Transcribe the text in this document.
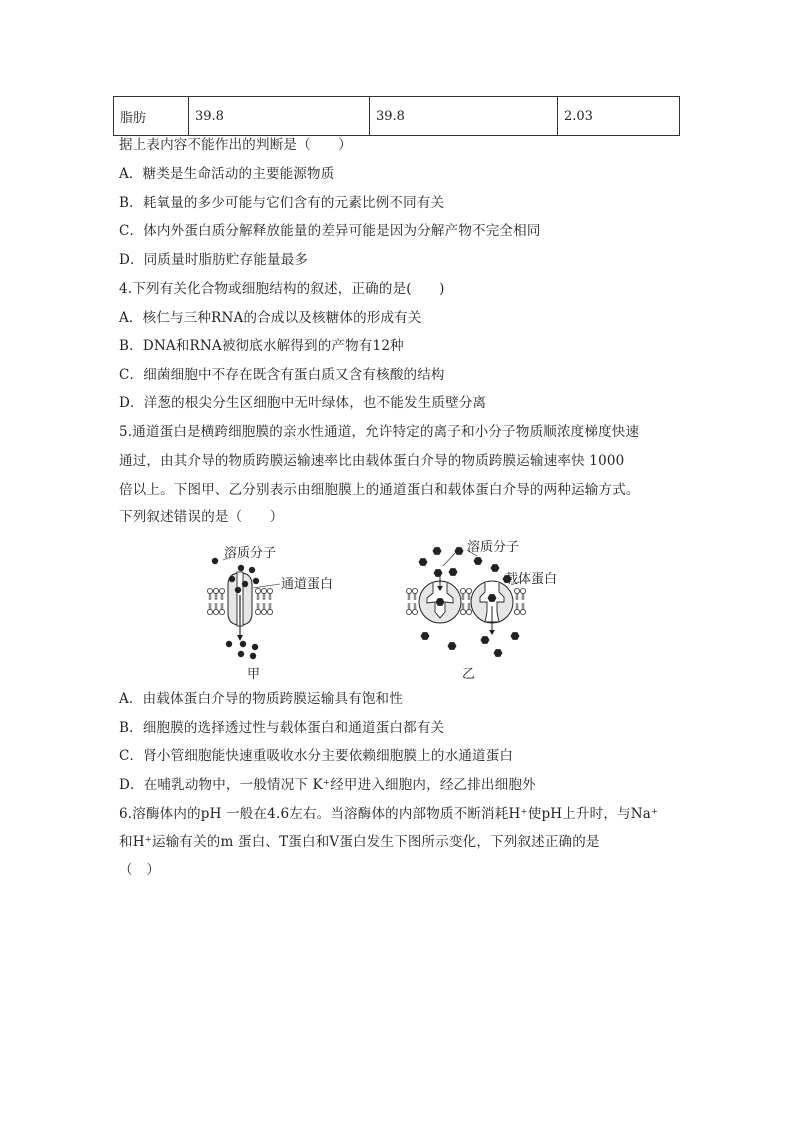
脂肪	39.8	39.8	2.03
据上表内容不能作出的判断是（　　）
A．糖类是生命活动的主要能源物质
B．耗氧量的多少可能与它们含有的元素比例不同有关
C．体内外蛋白质分解释放能量的差异可能是因为分解产物不完全相同
D．同质量时脂肪贮存能量最多
4.下列有关化合物或细胞结构的叙述，正确的是(　　)
A．核仁与三种RNA的合成以及核糖体的形成有关
B．DNA和RNA被彻底水解得到的产物有12种
C．细菌细胞中不存在既含有蛋白质又含有核酸的结构
D．洋葱的根尖分生区细胞中无叶绿体，也不能发生质壁分离
5.通道蛋白是横跨细胞膜的亲水性通道，允许特定的离子和小分子物质顺浓度梯度快速
通过，由其介导的物质跨膜运输速率比由载体蛋白介导的物质跨膜运输速率快 1000
倍以上。下图甲、乙分别表示由细胞膜上的通道蛋白和载体蛋白介导的两种运输方式。
下列叙述错误的是（　　）
溶质分子
通道蛋白
甲
溶质分子
载体蛋白
乙
A．由载体蛋白介导的物质跨膜运输具有饱和性
B．细胞膜的选择透过性与载体蛋白和通道蛋白都有关
C．肾小管细胞能快速重吸收水分主要依赖细胞膜上的水通道蛋白
D．在哺乳动物中，一般情况下 K⁺经甲进入细胞内，经乙排出细胞外
6.溶酶体内的pH 一般在4.6左右。当溶酶体的内部物质不断消耗H⁺使pH上升时，与Na⁺
和H⁺运输有关的m 蛋白、T蛋白和V蛋白发生下图所示变化，下列叙述正确的是
（　）
